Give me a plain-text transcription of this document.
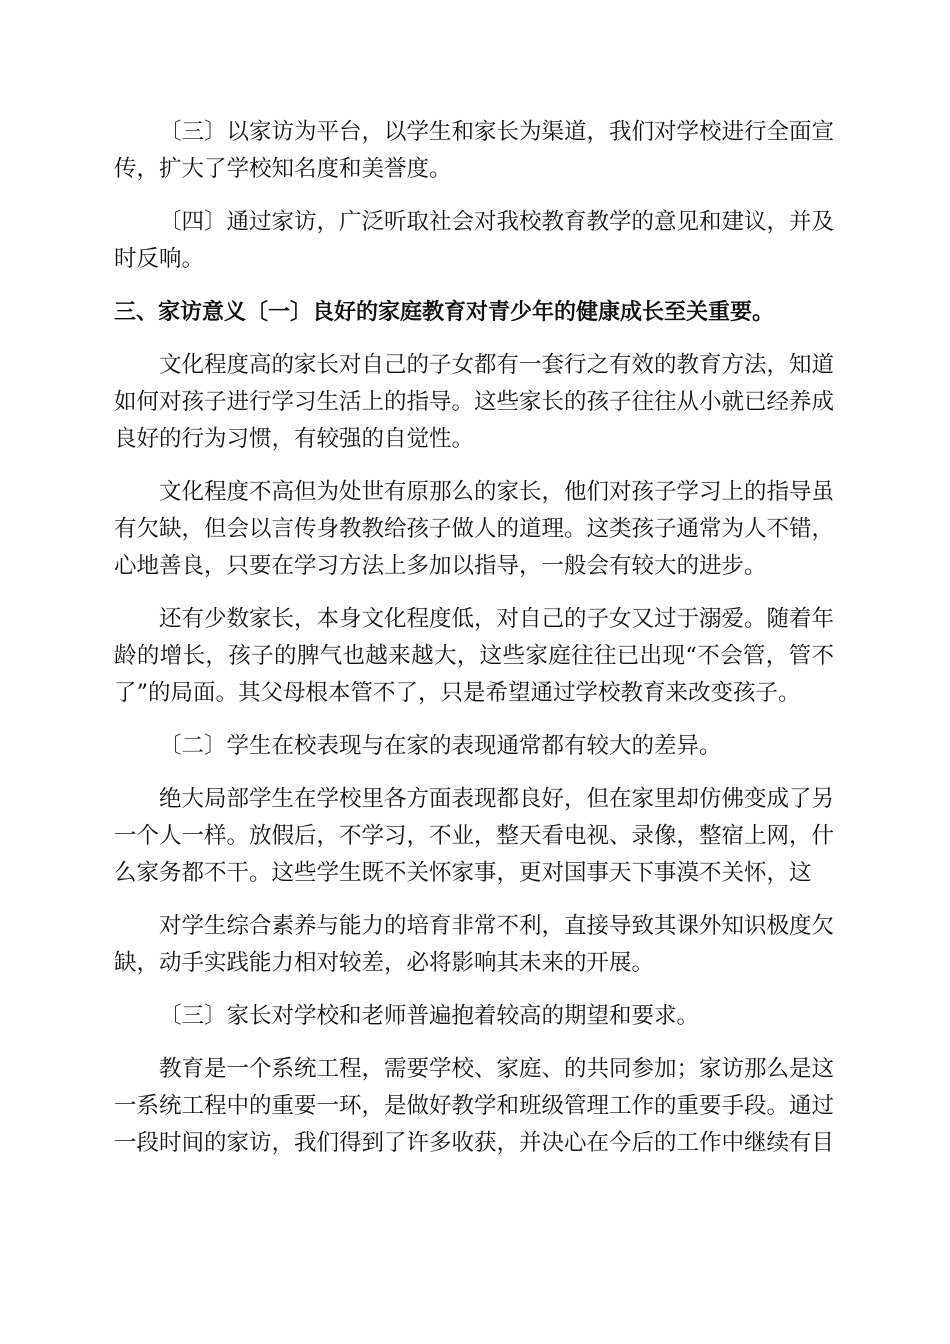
〔三〕以家访为平台，以学生和家长为渠道，我们对学校进行全面宣传，扩大了学校知名度和美誉度。

〔四〕通过家访，广泛听取社会对我校教育教学的意见和建议，并及时反响。

三、家访意义〔一〕良好的家庭教育对青少年的健康成长至关重要。

文化程度高的家长对自己的子女都有一套行之有效的教育方法，知道如何对孩子进行学习生活上的指导。这些家长的孩子往往从小就已经养成良好的行为习惯，有较强的自觉性。

文化程度不高但为处世有原那么的家长，他们对孩子学习上的指导虽有欠缺，但会以言传身教教给孩子做人的道理。这类孩子通常为人不错，心地善良，只要在学习方法上多加以指导，一般会有较大的进步。

还有少数家长，本身文化程度低，对自己的子女又过于溺爱。随着年龄的增长，孩子的脾气也越来越大，这些家庭往往已出现“不会管，管不了”的局面。其父母根本管不了，只是希望通过学校教育来改变孩子。

〔二〕学生在校表现与在家的表现通常都有较大的差异。

绝大局部学生在学校里各方面表现都良好，但在家里却仿佛变成了另一个人一样。放假后，不学习，不业，整天看电视、录像，整宿上网，什么家务都不干。这些学生既不关怀家事，更对国事天下事漠不关怀，这

对学生综合素养与能力的培育非常不利，直接导致其课外知识极度欠缺，动手实践能力相对较差，必将影响其未来的开展。

〔三〕家长对学校和老师普遍抱着较高的期望和要求。

教育是一个系统工程，需要学校、家庭、的共同参加；家访那么是这一系统工程中的重要一环，是做好教学和班级管理工作的重要手段。通过一段时间的家访，我们得到了许多收获，并决心在今后的工作中继续有目
